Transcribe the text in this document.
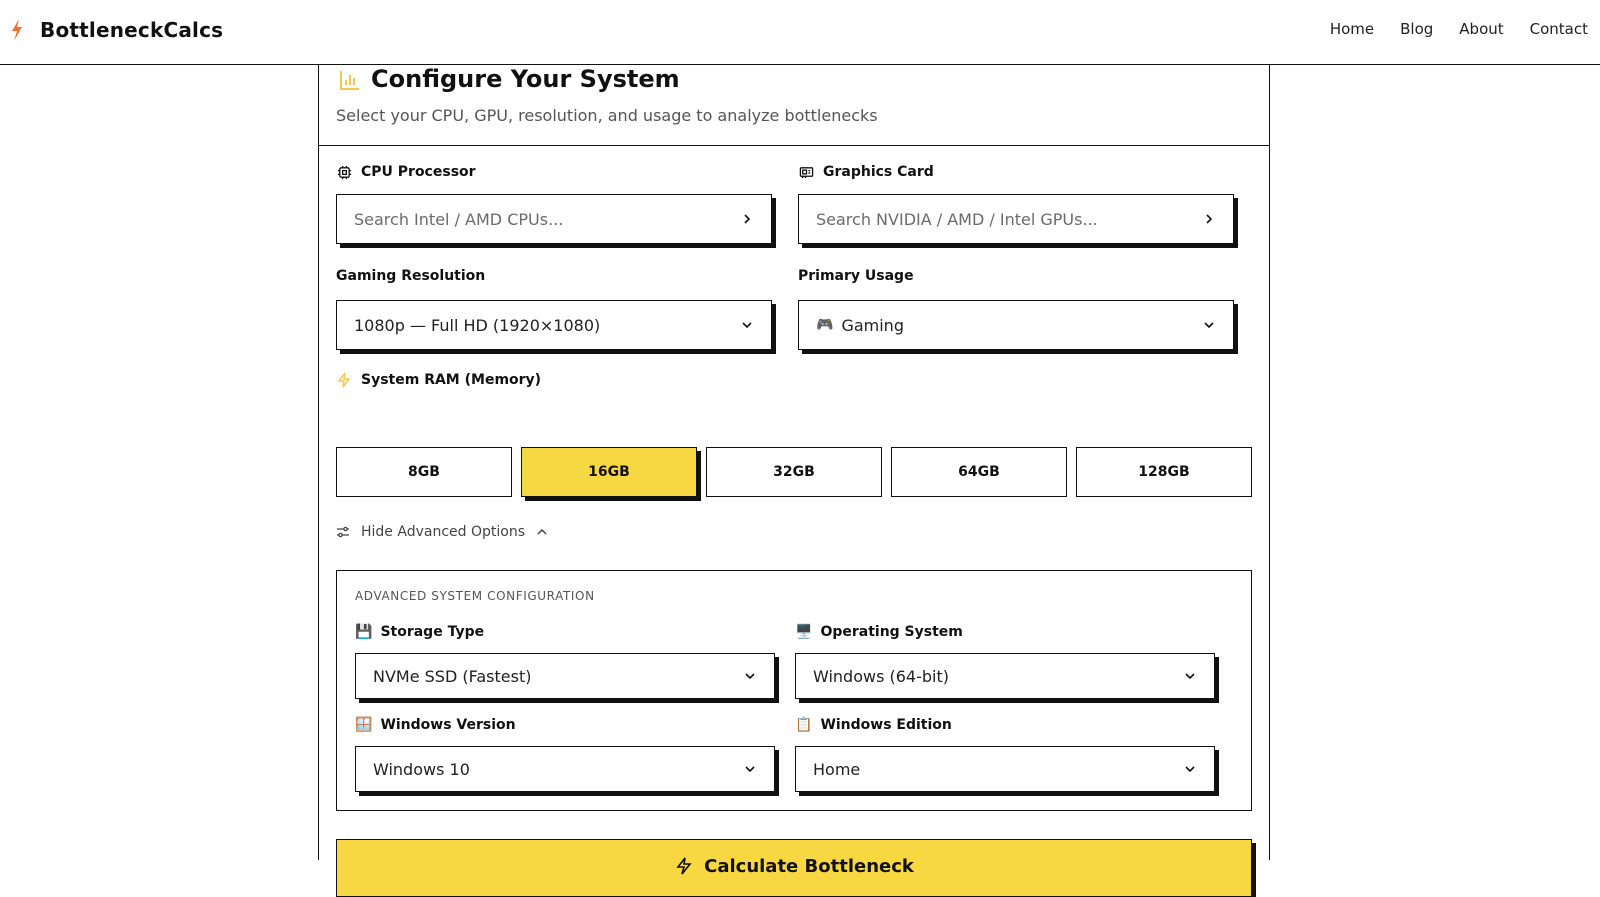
BottleneckCalcs	Home Blog About Contact
Configure Your System
Select your CPU, GPU, resolution, and usage to analyze bottlenecks
CPU Processor
Search Intel / AMD CPUs...
Graphics Card
Search NVIDIA / AMD / Intel GPUs...
Gaming Resolution
1080p — Full HD (1920×1080)
Primary Usage
🎮 Gaming
System RAM (Memory)
8GB	16GB	32GB	64GB	128GB
Hide Advanced Options
ADVANCED SYSTEM CONFIGURATION
💾 Storage Type
NVMe SSD (Fastest)
🖥️ Operating System
Windows (64-bit)
🪟 Windows Version
Windows 10
📋 Windows Edition
Home
Calculate Bottleneck
